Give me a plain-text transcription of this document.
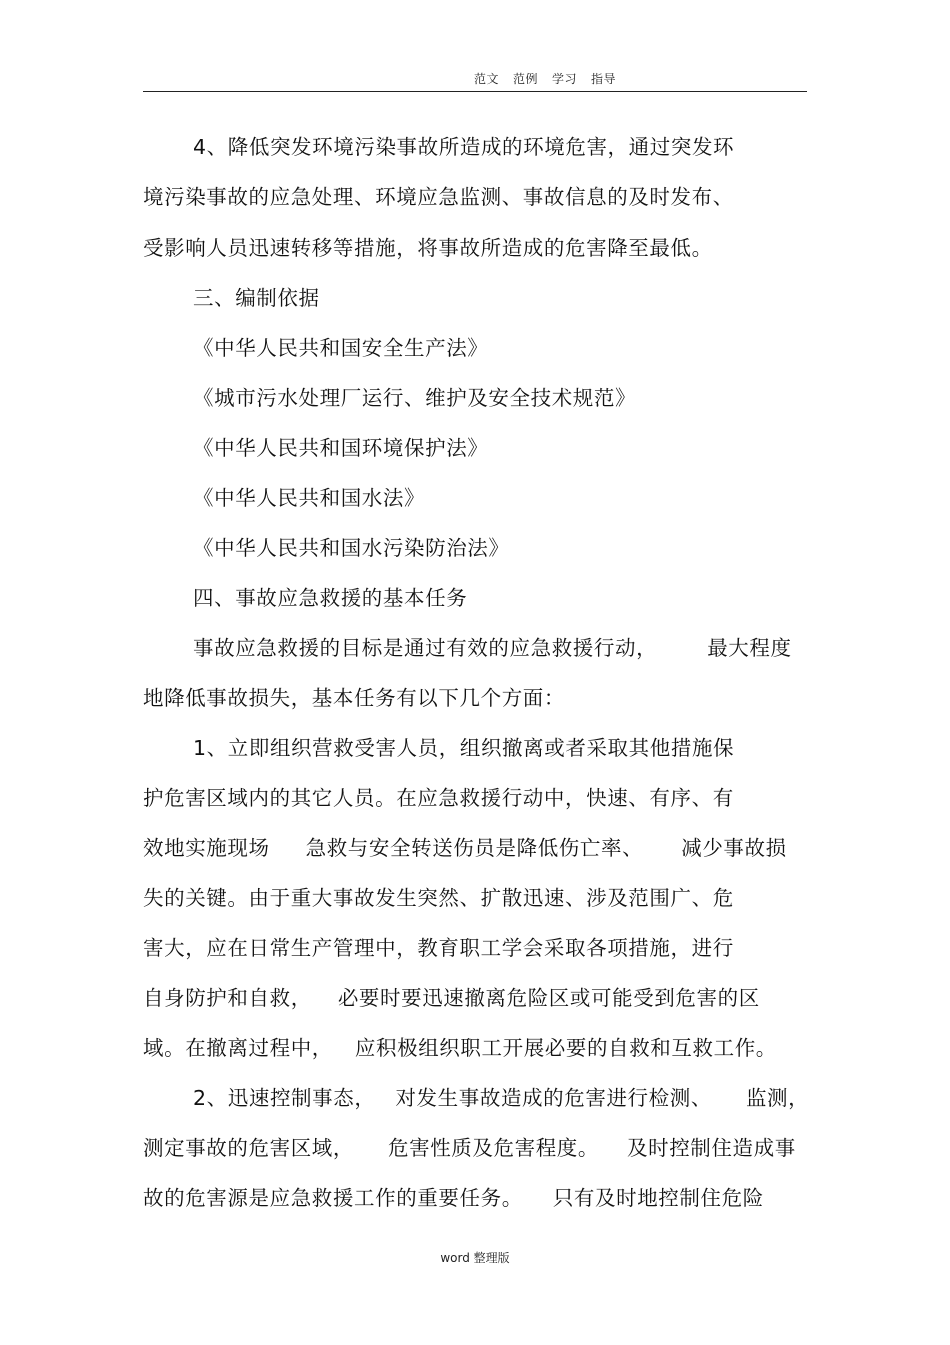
范文 范例 学习 指导
4、降低突发环境污染事故所造成的环境危害，通过突发环
境污染事故的应急处理、环境应急监测、事故信息的及时发布、
受影响人员迅速转移等措施，将事故所造成的危害降至最低。
三、编制依据
《中华人民共和国安全生产法》
《城市污水处理厂运行、维护及安全技术规范》
《中华人民共和国环境保护法》
《中华人民共和国水法》
《中华人民共和国水污染防治法》
四、事故应急救援的基本任务
事故应急救援的目标是通过有效的应急救援行动， 最大程度
地降低事故损失，基本任务有以下几个方面：
1、立即组织营救受害人员，组织撤离或者采取其他措施保
护危害区域内的其它人员。在应急救援行动中，快速、有序、有
效地实施现场 急救与安全转送伤员是降低伤亡率、 减少事故损
失的关键。由于重大事故发生突然、扩散迅速、涉及范围广、危
害大，应在日常生产管理中，教育职工学会采取各项措施，进行
自身防护和自救， 必要时要迅速撤离危险区或可能受到危害的区
域。在撤离过程中， 应积极组织职工开展必要的自救和互救工作。
2、迅速控制事态， 对发生事故造成的危害进行检测、 监测，
测定事故的危害区域， 危害性质及危害程度。 及时控制住造成事
故的危害源是应急救援工作的重要任务。 只有及时地控制住危险
word 整理版
